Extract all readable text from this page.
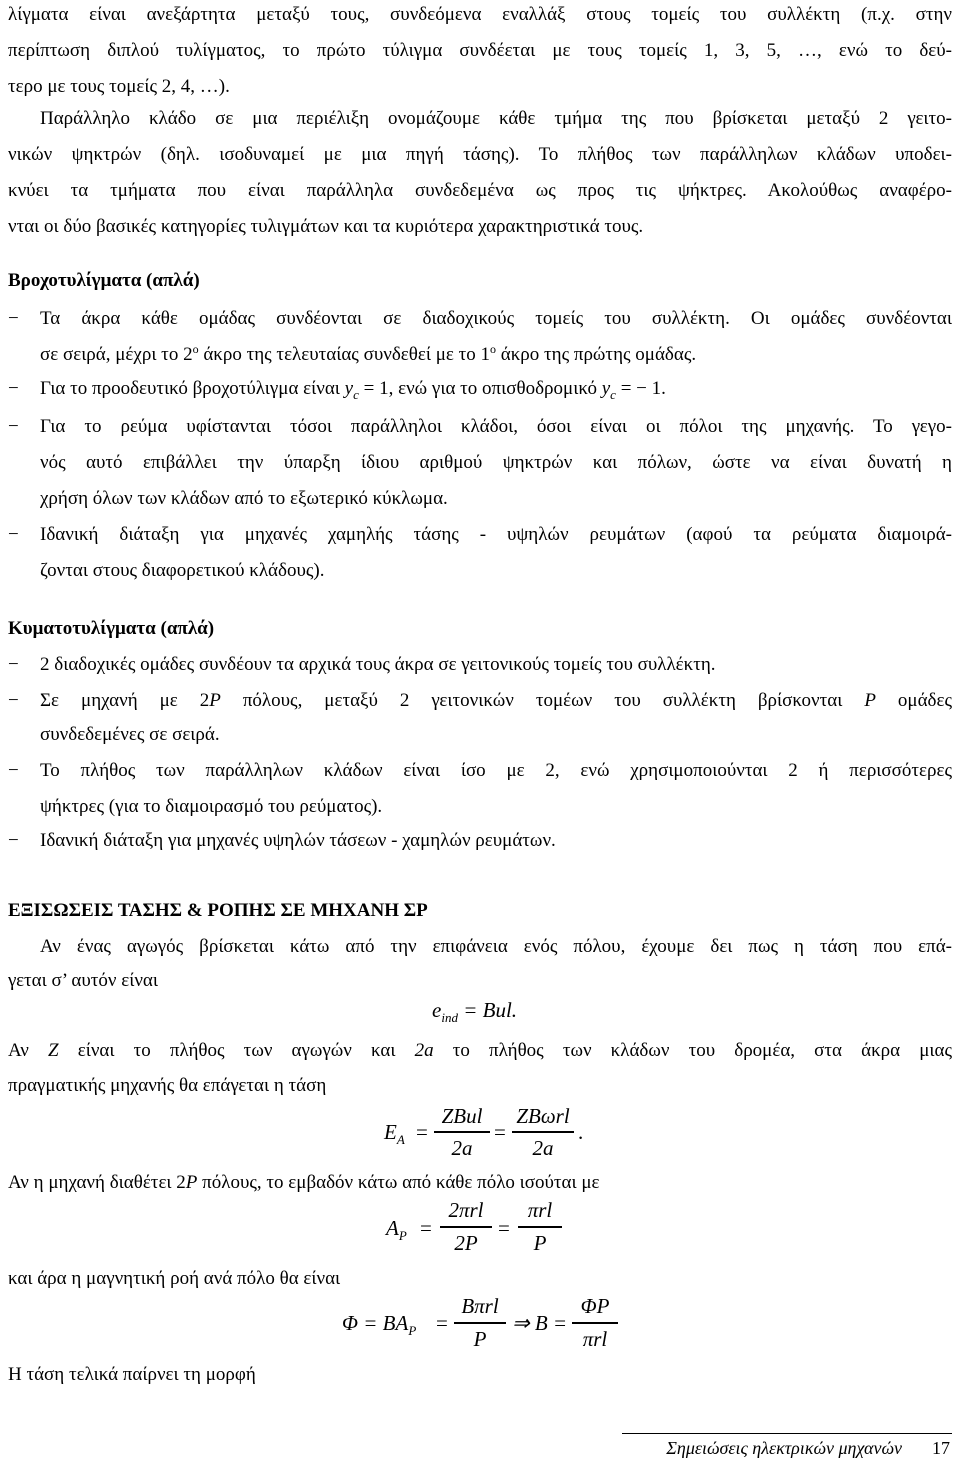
λίγματα είναι ανεξάρτητα μεταξύ τους, συνδεόμενα εναλλάξ στους τομείς του συλλέκτη (π.χ. στην
περίπτωση διπλού τυλίγματος, το πρώτο τύλιγμα συνδέεται με τους τομείς 1, 3, 5, …, ενώ το δεύ-
τερο με τους τομείς 2, 4, …).
Παράλληλο κλάδο σε μια περιέλιξη ονομάζουμε κάθε τμήμα της που βρίσκεται μεταξύ 2 γειτο-
νικών ψηκτρών (δηλ. ισοδυναμεί με μια πηγή τάσης). Το πλήθος των παράλληλων κλάδων υποδει-
κνύει τα τμήματα που είναι παράλληλα συνδεδεμένα ως προς τις ψήκτρες. Ακολούθως αναφέρο-
νται οι δύο βασικές κατηγορίες τυλιγμάτων και τα κυριότερα χαρακτηριστικά τους.
Βροχοτυλίγματα (απλά)
−	Τα άκρα κάθε ομάδας συνδέονται σε διαδοχικούς τομείς του συλλέκτη. Οι ομάδες συνδέονται
σε σειρά, μέχρι το $2^o$ άκρο της τελευταίας συνδεθεί με το $1^o$ άκρο της πρώτης ομάδας.
−	Για το προοδευτικό βροχοτύλιγμα είναι $y_c = 1$, ενώ για το οπισθοδρομικό $y_c$ = − 1.
−	Για το ρεύμα υφίστανται τόσοι παράλληλοι κλάδοι, όσοι είναι οι πόλοι της μηχανής. Το γεγο-
νός αυτό επιβάλλει την ύπαρξη ίδιου αριθμού ψηκτρών και πόλων, ώστε να είναι δυνατή η
χρήση όλων των κλάδων από το εξωτερικό κύκλωμα.
−	Ιδανική διάταξη για μηχανές χαμηλής τάσης - υψηλών ρευμάτων (αφού τα ρεύματα διαμοιρά-
ζονται στους διαφορετικού κλάδους).
Κυματοτυλίγματα (απλά)
−	2 διαδοχικές ομάδες συνδέουν τα αρχικά τους άκρα σε γειτονικούς τομείς του συλλέκτη.
−	Σε μηχανή με 2P πόλους, μεταξύ 2 γειτονικών τομέων του συλλέκτη βρίσκονται P ομάδες
συνδεδεμένες σε σειρά.
−	Το πλήθος των παράλληλων κλάδων είναι ίσο με 2, ενώ χρησιμοποιούνται 2 ή περισσότερες
ψήκτρες (για το διαμοιρασμό του ρεύματος).
−	Ιδανική διάταξη για μηχανές υψηλών τάσεων - χαμηλών ρευμάτων.
ΕΞΙΣΩΣΕΙΣ ΤΑΣΗΣ & ΡΟΠΗΣ ΣΕ ΜΗΧΑΝΗ ΣΡ
Αν ένας αγωγός βρίσκεται κάτω από την επιφάνεια ενός πόλου, έχουμε δει πως η τάση που επά-
γεται σ’ αυτόν είναι
$e_{ind}$ = Bul.
Αν Z είναι το πλήθος των αγωγών και 2a το πλήθος των κλάδων του δρομέα, στα άκρα μιας
πραγματικής μηχανής θα επάγεται η τάση
$E_A$ =
ZBul
2a
=
ZBωrl
2a
.
Αν η μηχανή διαθέτει 2P πόλους, το εμβαδόν κάτω από κάθε πόλο ισούται με
$A_P$ =
2πrl
2P
=
πrl
P
και άρα η μαγνητική ροή ανά πόλο θα είναι
$\Phi = BA_P$ =
Bπrl
P
⇒ B =
ΦP
πrl
Η τάση τελικά παίρνει τη μορφή
Σημειώσεις ηλεκτρικών μηχανών 17
